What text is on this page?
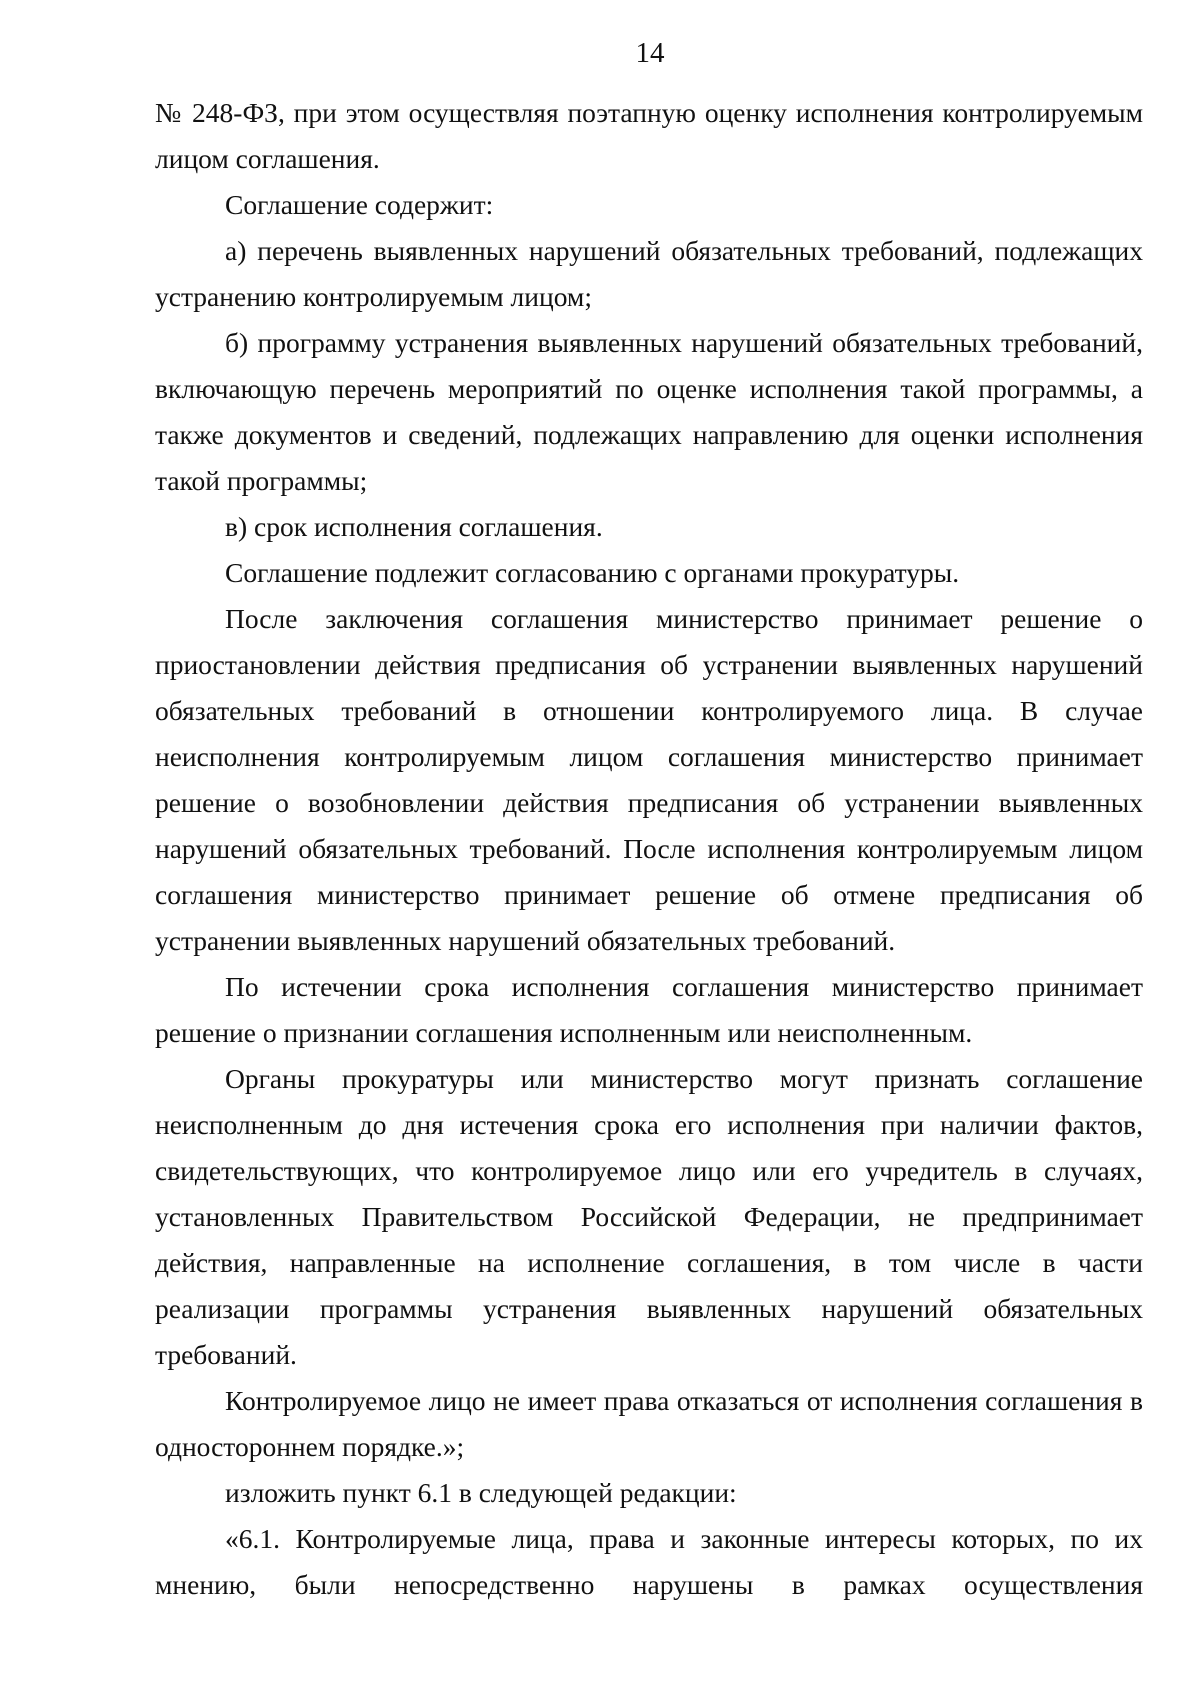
14

№ 248-ФЗ, при этом осуществляя поэтапную оценку исполнения контролируемым лицом соглашения.

Соглашение содержит:

а) перечень выявленных нарушений обязательных требований, подлежащих устранению контролируемым лицом;

б) программу устранения выявленных нарушений обязательных требований, включающую перечень мероприятий по оценке исполнения такой программы, а также документов и сведений, подлежащих направлению для оценки исполнения такой программы;

в) срок исполнения соглашения.

Соглашение подлежит согласованию с органами прокуратуры.

После заключения соглашения министерство принимает решение о приостановлении действия предписания об устранении выявленных нарушений обязательных требований в отношении контролируемого лица. В случае неисполнения контролируемым лицом соглашения министерство принимает решение о возобновлении действия предписания об устранении выявленных нарушений обязательных требований. После исполнения контролируемым лицом соглашения министерство принимает решение об отмене предписания об устранении выявленных нарушений обязательных требований.

По истечении срока исполнения соглашения министерство принимает решение о признании соглашения исполненным или неисполненным.

Органы прокуратуры или министерство могут признать соглашение неисполненным до дня истечения срока его исполнения при наличии фактов, свидетельствующих, что контролируемое лицо или его учредитель в случаях, установленных Правительством Российской Федерации, не предпринимает действия, направленные на исполнение соглашения, в том числе в части реализации программы устранения выявленных нарушений обязательных требований.

Контролируемое лицо не имеет права отказаться от исполнения соглашения в одностороннем порядке.»;

изложить пункт 6.1 в следующей редакции:

«6.1. Контролируемые лица, права и законные интересы которых, по их мнению, были непосредственно нарушены в рамках осуществления
